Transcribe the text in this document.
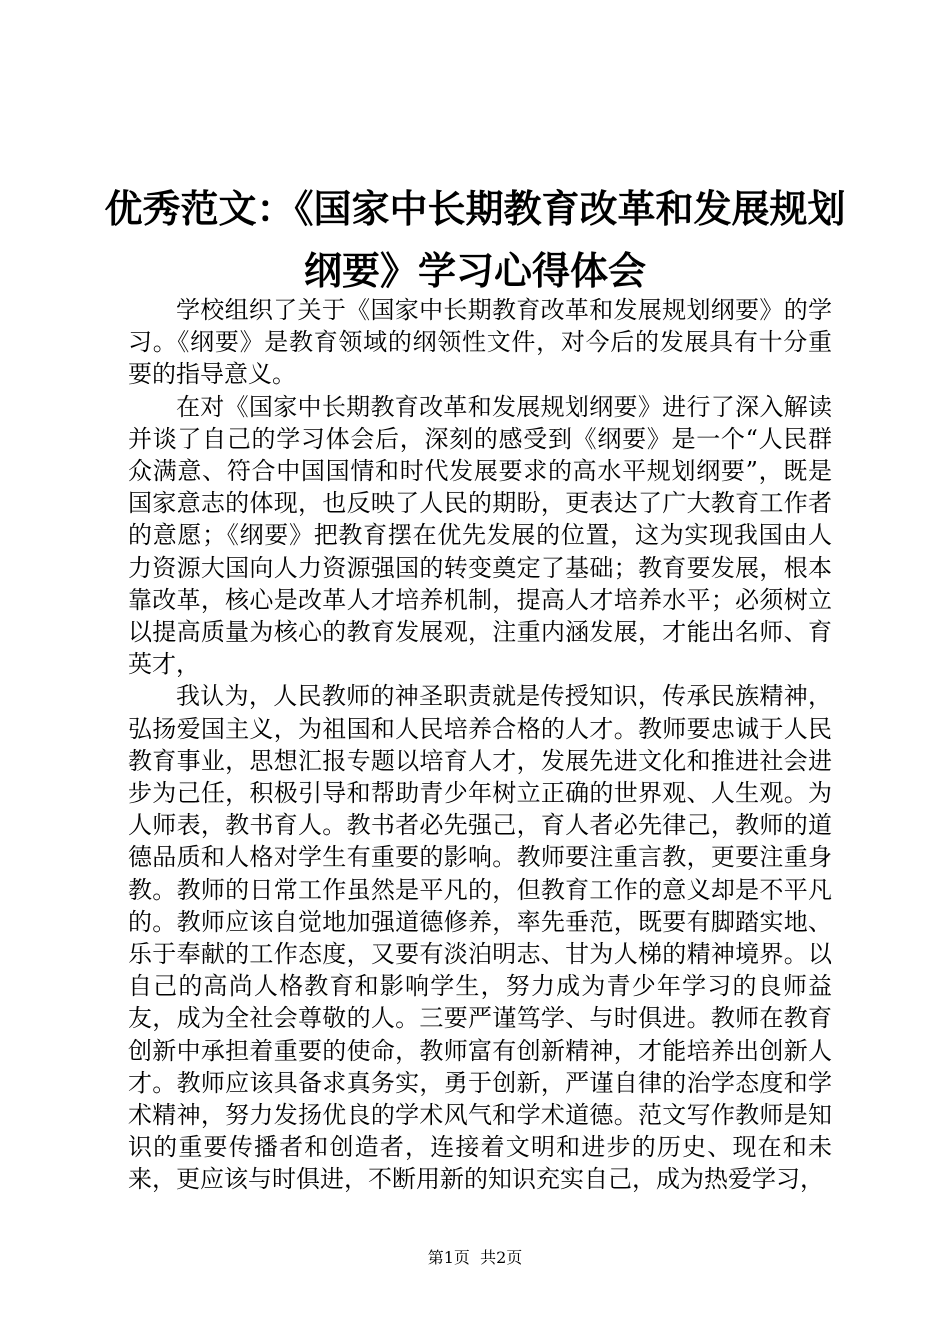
优秀范文：《国家中长期教育改革和发展规划
纲要》学习心得体会

学校组织了关于《国家中长期教育改革和发展规划纲要》的学习。《纲要》是教育领域的纲领性文件，对今后的发展具有十分重要的指导意义。

在对《国家中长期教育改革和发展规划纲要》进行了深入解读并谈了自己的学习体会后，深刻的感受到《纲要》是一个“人民群众满意、符合中国国情和时代发展要求的高水平规划纲要”，既是国家意志的体现，也反映了人民的期盼，更表达了广大教育工作者的意愿；《纲要》把教育摆在优先发展的位置，这为实现我国由人力资源大国向人力资源强国的转变奠定了基础；教育要发展，根本靠改革，核心是改革人才培养机制，提高人才培养水平；必须树立以提高质量为核心的教育发展观，注重内涵发展，才能出名师、育英才，

我认为，人民教师的神圣职责就是传授知识，传承民族精神，弘扬爱国主义，为祖国和人民培养合格的人才。教师要忠诚于人民教育事业，思想汇报专题以培育人才，发展先进文化和推进社会进步为己任，积极引导和帮助青少年树立正确的世界观、人生观。为人师表，教书育人。教书者必先强己，育人者必先律己，教师的道德品质和人格对学生有重要的影响。教师要注重言教，更要注重身教。教师的日常工作虽然是平凡的，但教育工作的意义却是不平凡的。教师应该自觉地加强道德修养，率先垂范，既要有脚踏实地、乐于奉献的工作态度，又要有淡泊明志、甘为人梯的精神境界。以自己的高尚人格教育和影响学生，努力成为青少年学习的良师益友，成为全社会尊敬的人。三要严谨笃学、与时俱进。教师在教育创新中承担着重要的使命，教师富有创新精神，才能培养出创新人才。教师应该具备求真务实，勇于创新，严谨自律的治学态度和学术精神，努力发扬优良的学术风气和学术道德。范文写作教师是知识的重要传播者和创造者，连接着文明和进步的历史、现在和未来，更应该与时俱进，不断用新的知识充实自己，成为热爱学习，

第1页  共2页
